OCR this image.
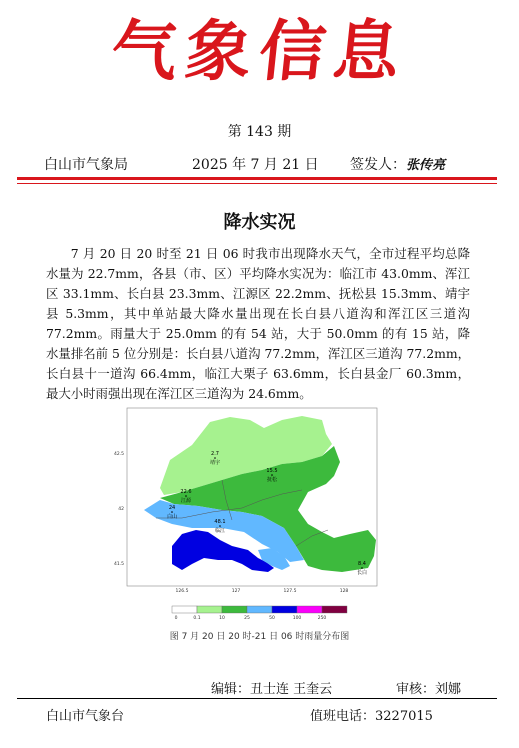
气象信息
第 143 期
白山市气象局	2025 年 7 月 21 日 签发人：张传亮
降水实况
7 月 20 日 20 时至 21 日 06 时我市出现降水天气，全市过程平均总降水量为 22.7mm，各县（市、区）平均降水实况为：临江市 43.0mm、浑江区 33.1mm、长白县 23.3mm、江源区 22.2mm、抚松县 15.3mm、靖宇县 5.3mm，其中单站最大降水量出现在长白县八道沟和浑江区三道沟 77.2mm。雨量大于 25.0mm 的有 54 站，大于 50.0mm 的有 15 站，降水量排名前 5 位分别是：长白县八道沟 77.2mm，浑江区三道沟 77.2mm，长白县十一道沟 66.4mm，临江大栗子 63.6mm，长白县金厂 60.3mm，最大小时雨强出现在浑江区三道沟为 24.6mm。
42.5
42
41.5
126.5	127	127.5	128
2.7
靖宇
15.5
抚松
22.6
江源
24
白山
48.1
临江
8.4
长白
0	0.1	10	25	50	100	250
图 7 月 20 日 20 时-21 日 06 时雨量分布图
编辑：丑士连 王奎云	审核：刘娜
白山市气象台	值班电话：3227015
